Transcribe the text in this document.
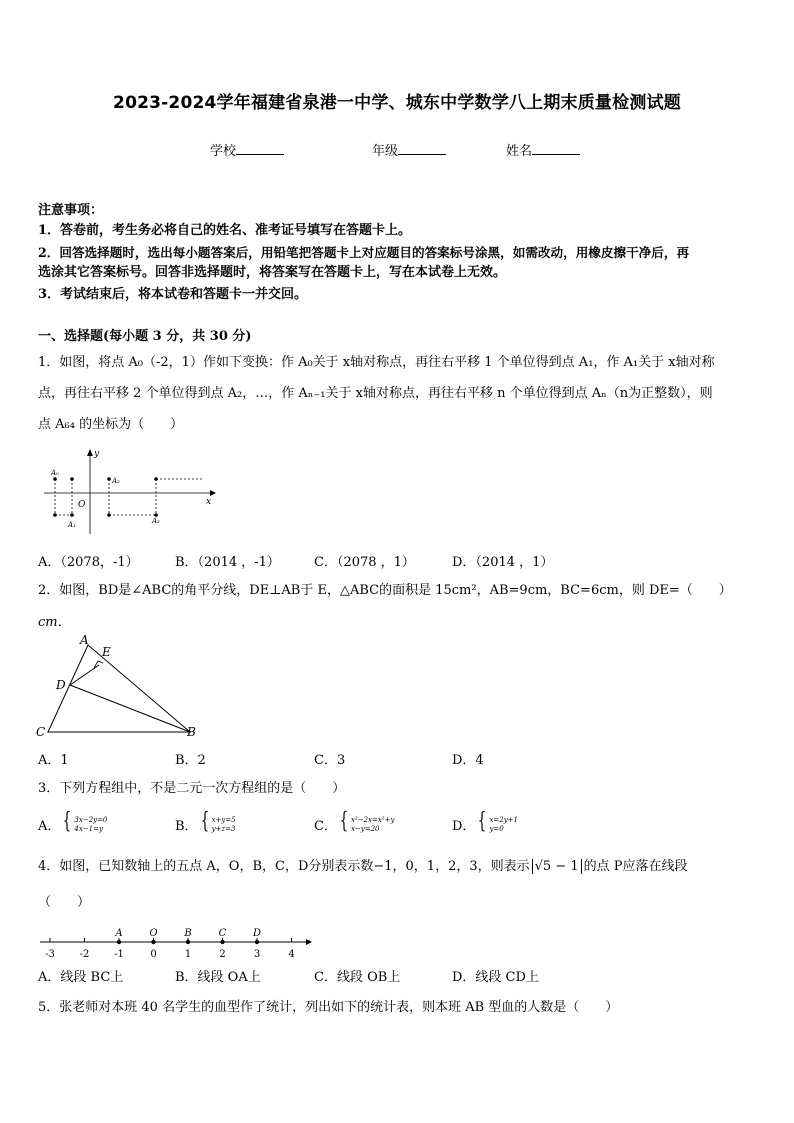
2023-2024学年福建省泉港一中学、城东中学数学八上期末质量检测试题
学校	年级	姓名
注意事项：
1．答卷前，考生务必将自己的姓名、准考证号填写在答题卡上。
2．回答选择题时，选出每小题答案后，用铅笔把答题卡上对应题目的答案标号涂黑，如需改动，用橡皮擦干净后，再
选涂其它答案标号。回答非选择题时，将答案写在答题卡上，写在本试卷上无效。
3．考试结束后，将本试卷和答题卡一并交回。
一、选择题(每小题 3 分，共 30 分)
1．如图，将点 A₀（-2，1）作如下变换：作 A₀关于 x轴对称点，再往右平移 1 个单位得到点 A₁，作 A₁关于 x轴对称
点，再往右平移 2 个单位得到点 A₂，…，作 Aₙ₋₁关于 x轴对称点，再往右平移 n 个单位得到点 Aₙ（n为正整数），则
点 A₆₄ 的坐标为（　　）
y
x
O
A₀
A₁
A₂
A₃
A．（2078，-1）	B．（2014 ，-1）	C．（2078 ，1）	D．（2014 ，1）
2．如图，BD是∠ABC的角平分线，DE⊥AB于 E，△ABC的面积是 15cm²，AB=9cm，BC=6cm，则 DE=（　　）
cm．
A
E
D
C	B
A．1	B．2	C．3	D．4
3．下列方程组中，不是二元一次方程组的是（　　）
A． { 3x−2y=0
4x−1=y	B． { x+y=5
y+z=3	C． { x²−2x=x²+y
x−y=20	D． { x=2y+1
y=0
4．如图，已知数轴上的五点 A，O，B，C，D分别表示数−1，0，1，2，3，则表示 √5 − 1 的点 P应落在线段
（　　）
-3 -2 -1	0	1	2	3	4
A	O	B	C	D
A．线段 BC上	B．线段 OA上	C．线段 OB上	D．线段 CD上
5．张老师对本班 40 名学生的血型作了统计，列出如下的统计表，则本班 AB 型血的人数是（　　）
